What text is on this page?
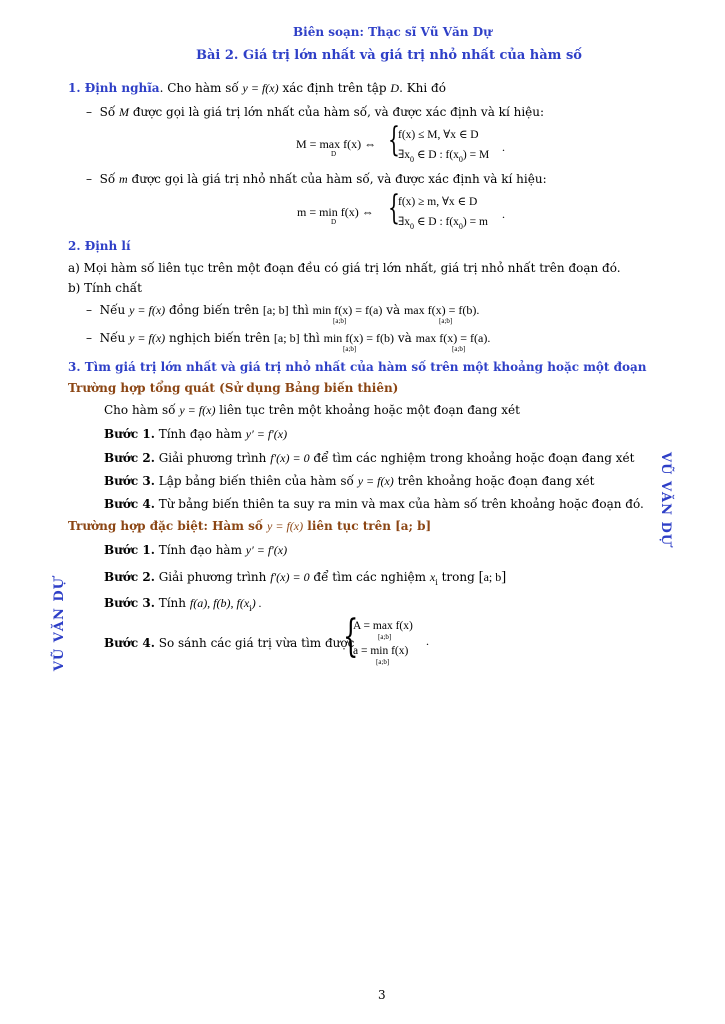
Biên soạn: Thạc sĩ Vũ Văn Dự
Bài 2. Giá trị lớn nhất và giá trị nhỏ nhất của hàm số
VŨ VĂN DỰ
VŨ VĂN DỰ
1. Định nghĩa. Cho hàm số y = f(x) xác định trên tập D. Khi đó
–  Số M được gọi là giá trị lớn nhất của hàm số, và được xác định và kí hiệu:
M = max f(x) ⇔
D {
f(x) ≤ M, ∀x ∈ D
$\exists x_0$ ∈ D : $f(x_0) = M$
.
–  Số m được gọi là giá trị nhỏ nhất của hàm số, và được xác định và kí hiệu:
m = min f(x) ⇔
D {
f(x) ≥ m, ∀x ∈ D
$\exists x_0$ ∈ D : $f(x_0) = m$
.
2. Định lí
a) Mọi hàm số liên tục trên một đoạn đều có giá trị lớn nhất, giá trị nhỏ nhất trên đoạn đó.
b) Tính chất
–  Nếu y = f(x) đồng biến trên [a; b] thì min f(x) = f(a) và max f(x) = f(b).
[a;b]	[a;b]
–  Nếu y = f(x) nghịch biến trên [a; b] thì min f(x) = f(b) và max f(x) = f(a).
[a;b]	[a;b]
3. Tìm giá trị lớn nhất và giá trị nhỏ nhất của hàm số trên một khoảng hoặc một đoạn
Trường hợp tổng quát (Sử dụng Bảng biến thiên)
Cho hàm số y = f(x) liên tục trên một khoảng hoặc một đoạn đang xét
Bước 1. Tính đạo hàm y′ = f′(x)
Bước 2. Giải phương trình f′(x) = 0 để tìm các nghiệm trong khoảng hoặc đoạn đang xét
Bước 3. Lập bảng biến thiên của hàm số y = f(x) trên khoảng hoặc đoạn đang xét
Bước 4. Từ bảng biến thiên ta suy ra min và max của hàm số trên khoảng hoặc đoạn đó.
Trường hợp đặc biệt: Hàm số y = f(x) liên tục trên [a; b]
Bước 1. Tính đạo hàm y′ = f′(x)
Bước 2. Giải phương trình f′(x) = 0 để tìm các nghiệm $x_i$ trong [a; b]
Bước 3. Tính f(a), f(b), $f(x_i)$ .
Bước 4. So sánh các giá trị vừa tìm được
{
A = max f(x)
[a;b]
a = min f(x)
[a;b]
.
3
